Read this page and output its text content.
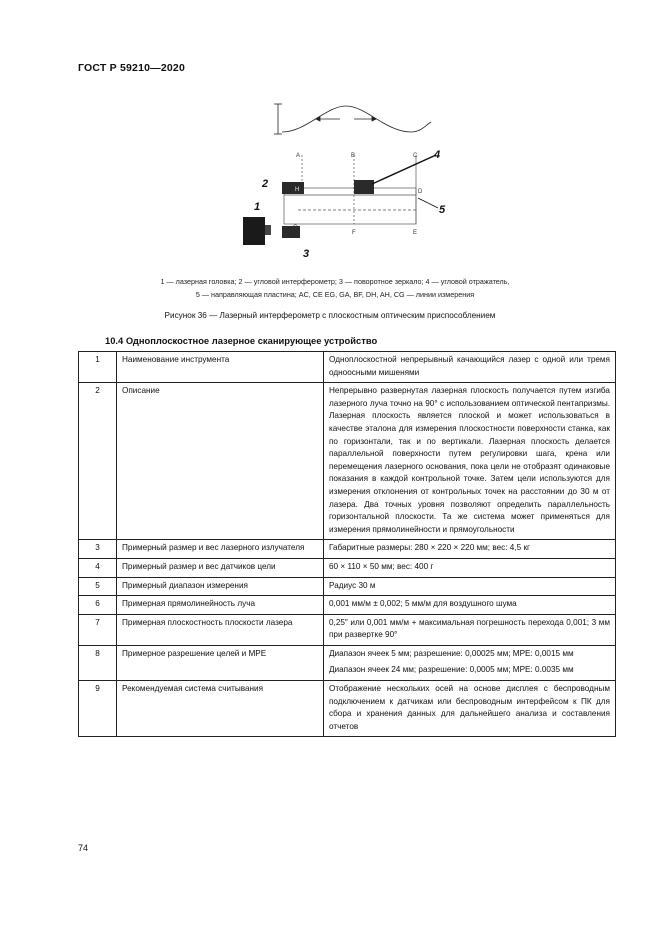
ГОСТ Р 59210—2020
1
2
3
4
5
A	B	C
D
H
G
F	E
1 — лазерная головка; 2 — угловой интерферометр; 3 — поворотное зеркало; 4 — угловой отражатель,
5 — направляющая пластина; AC, CE EG, GA, BF, DH, AH, CG — линии измерения
Рисунок 36 — Лазерный интерферометр с плоскостным оптическим приспособлением
10.4 Одноплоскостное лазерное сканирующее устройство
1	Наименование инструмента	Одноплоскостной непрерывный качающийся лазер с одной или тремя одноосными мишенями

2	Описание	Непрерывно развернутая лазерная плоскость получается путем изгиба лазерного луча точно на 90° с использованием оптической пентапризмы. Лазерная плоскость является плоской и может использоваться в качестве эталона для измерения плоскостности поверхности станка, как по горизонтали, так и по вертикали. Лазерная плоскость делается параллельной поверхности путем регулировки шага, крена или перемещения лазерного основания, пока цели не отобразят одинаковые показания в каждой контрольной точке. Затем цели используются для измерения отклонения от контрольных точек на расстоянии до 30 м от лазера. Два точных уровня позволяют определить параллельность горизонтальной плоскости. Та же система может применяться для измерения прямолинейности и прямоугольности

3	Примерный размер и вес лазерного излучателя	Габаритные размеры: 280 × 220 × 220 мм; вес: 4,5 кг

4	Примерный размер и вес датчиков цели	60 × 110 × 50 мм; вес: 400 г

5	Примерный диапазон измерения	Радиус 30 м

6	Примерная прямолинейность луча	0,001 мм/м ± 0,002; 5 мм/м для воздушного шума

7	Примерная плоскостность плоскости лазера	0,25″ или 0,001 мм/м + максимальная погрешность перехода 0,001; 3 мм при развертке 90°

8	Примерное разрешение целей и MPE	Диапазон ячеек 5 мм; разрешение: 0,00025 мм; MPE: 0,0015 мм

Диапазон ячеек 24 мм; разрешение: 0,0005 мм; MPE: 0.0035 мм

9	Рекомендуемая система считывания	Отображение нескольких осей на основе дисплея с беспроводным подключением к датчикам или беспроводным интерфейсом к ПК для сбора и хранения данных для дальнейшего анализа и составления отчетов

74
